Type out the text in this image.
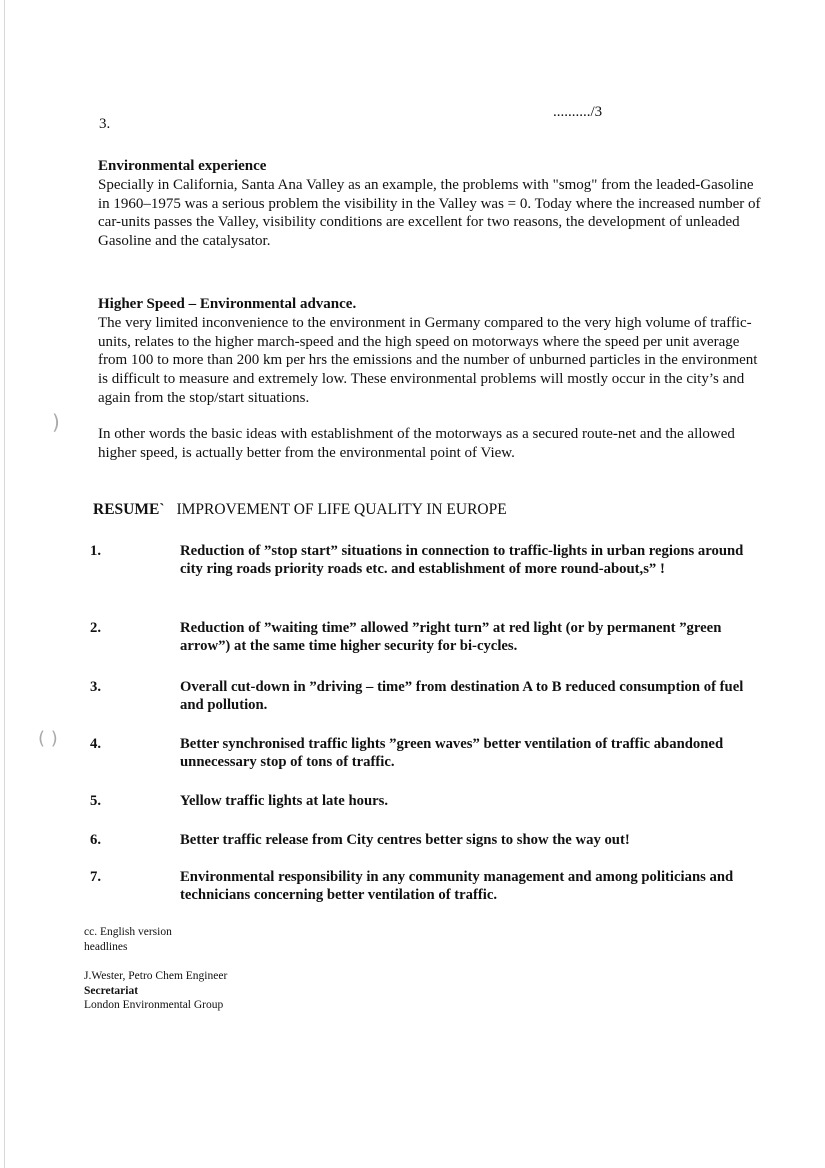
)
( )
........../3
3.
Environmental experience

Specially in California, Santa Ana Valley as an example, the problems with "smog" from the leaded-Gasoline in 1960–1975 was a serious problem the visibility in the Valley was = 0. Today where the increased number of car-units passes the Valley, visibility conditions are excellent for two reasons, the development of unleaded Gasoline and the catalysator.

Higher Speed – Environmental advance.

The very limited inconvenience to the environment in Germany compared to the very high volume of traffic-units, relates to the higher march-speed and the high speed on motorways where the speed per unit average from 100 to more than 200 km per hrs the emissions and the number of unburned particles in the environment is difficult to measure and extremely low. These environmental problems will mostly occur in the city’s and again from the stop/start situations.

In other words the basic ideas with establishment of the motorways as a secured route-net and the allowed higher speed, is actually better from the environmental point of View.

RESUME` IMPROVEMENT OF LIFE QUALITY IN EUROPE
1.	Reduction of ”stop start” situations in connection to traffic-lights in urban regions around city ring roads priority roads etc. and establishment of more round-about,s” !
2.	Reduction of ”waiting time” allowed ”right turn” at red light (or by permanent ”green arrow”) at the same time higher security for bi-cycles.
3.	Overall cut-down in ”driving – time” from destination A to B reduced consumption of fuel and pollution.
4.	Better synchronised traffic lights ”green waves” better ventilation of traffic abandoned unnecessary stop of tons of traffic.
5.	Yellow traffic lights at late hours.
6.	Better traffic release from City centres better signs to show the way out!
7.	Environmental responsibility in any community management and among politicians and technicians concerning better ventilation of traffic.
cc. English version
headlines
J.Wester, Petro Chem Engineer
Secretariat
London Environmental Group
